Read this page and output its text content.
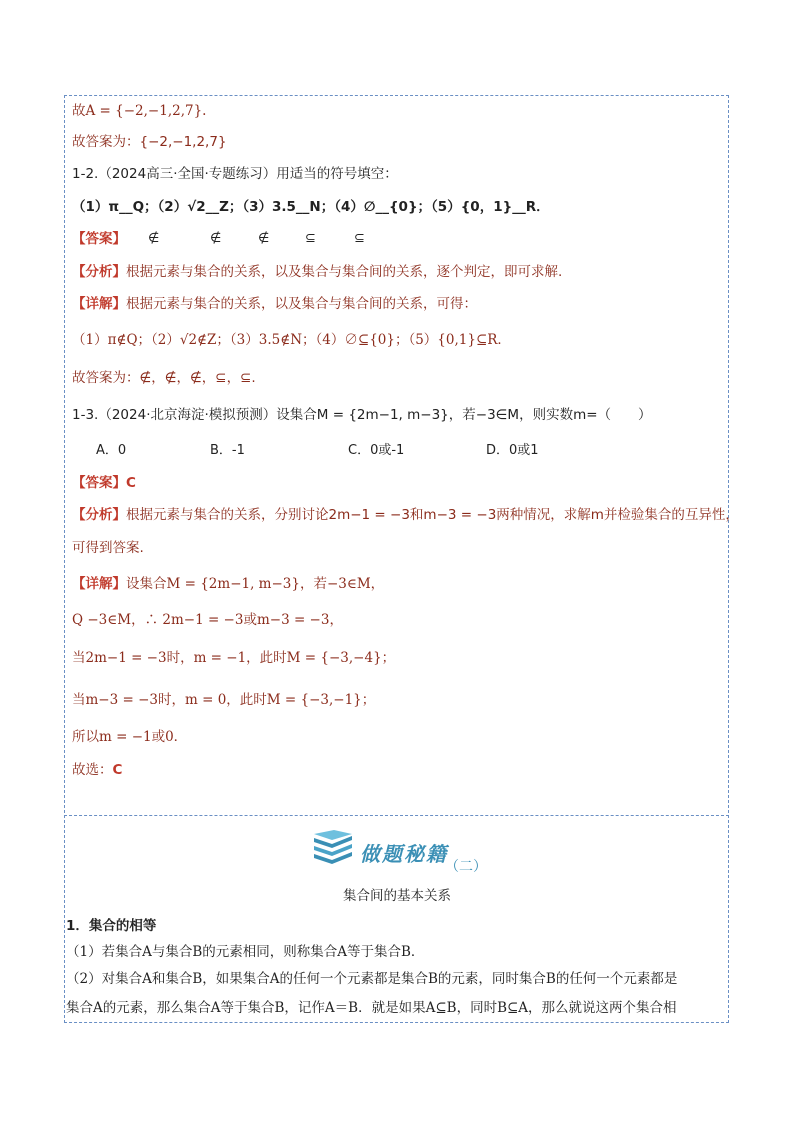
故A = {−2,−1,2,7}.
故答案为：{−2,−1,2,7}
1-2.（2024高三·全国·专题练习）用适当的符号填空：
（1）π__Q；（2）√2__Z；（3）3.5__N；（4）∅__{0}；（5）{0，1}__R．
【答案】 ∉	∉	∉	⊆	⊆
【分析】根据元素与集合的关系，以及集合与集合间的关系，逐个判定，即可求解.
【详解】根据元素与集合的关系，以及集合与集合间的关系，可得：
（1）π∉Q；（2）√2∉Z；（3）3.5∉N；（4）∅⊆{0}；（5）{0,1}⊆R．
故答案为：∉，∉，∉，⊆，⊆.
1-3.（2024·北京海淀·模拟预测）设集合M = {2m−1, m−3}，若−3∈M，则实数m=（　　）
A．0	B．-1	C．0或-1	D．0或1
【答案】C
【分析】根据元素与集合的关系，分别讨论2m−1 = −3和m−3 = −3两种情况，求解m并检验集合的互异性，
可得到答案.
【详解】设集合M = {2m−1, m−3}，若−3∈M，
Q −3∈M，∴ 2m−1 = −3或m−3 = −3，
当2m−1 = −3时，m = −1，此时M = {−3,−4}；
当m−3 = −3时，m = 0，此时M = {−3,−1}；
所以m = −1或0．
故选：C
做题秘籍
（二）
集合间的基本关系
1．集合的相等
（1）若集合A与集合B的元素相同，则称集合A等于集合B．
（2）对集合A和集合B，如果集合A的任何一个元素都是集合B的元素，同时集合B的任何一个元素都是
集合A的元素，那么集合A等于集合B，记作A＝B．就是如果A⊆B，同时B⊆A，那么就说这两个集合相
